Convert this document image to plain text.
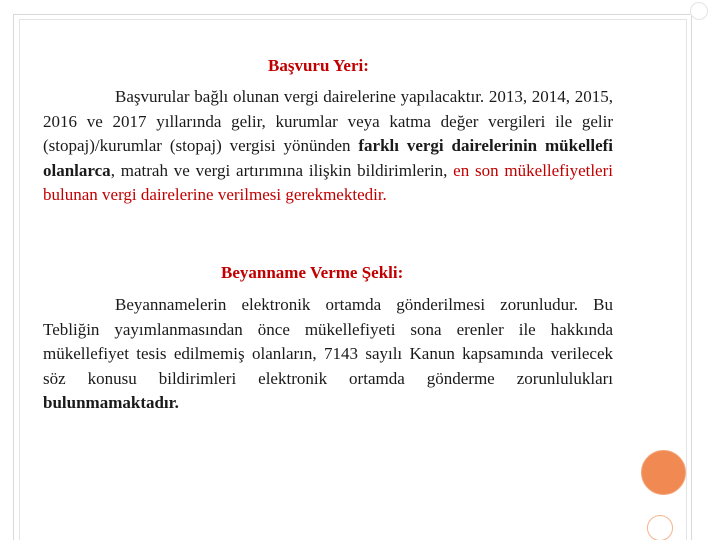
Başvuru Yeri:

Başvurular bağlı olunan vergi dairelerine yapılacaktır. 2013, 2014, 2015, 2016 ve 2017 yıllarında gelir, kurumlar veya katma değer vergileri ile gelir (stopaj)/kurumlar (stopaj) vergisi yönünden farklı vergi dairelerinin mükellefi olanlarca, matrah ve vergi artırımına ilişkin bildirimlerin, en son mükellefiyetleri bulunan vergi dairelerine verilmesi gerekmektedir.

Beyanname Verme Şekli:

Beyannamelerin elektronik ortamda gönderilmesi zorunludur. Bu Tebliğin yayımlanmasından önce mükellefiyeti sona erenler ile hakkında mükellefiyet tesis edilmemiş olanların, 7143 sayılı Kanun kapsamında verilecek söz konusu bildirimleri elektronik ortamda gönderme zorunlulukları bulunmamaktadır.
